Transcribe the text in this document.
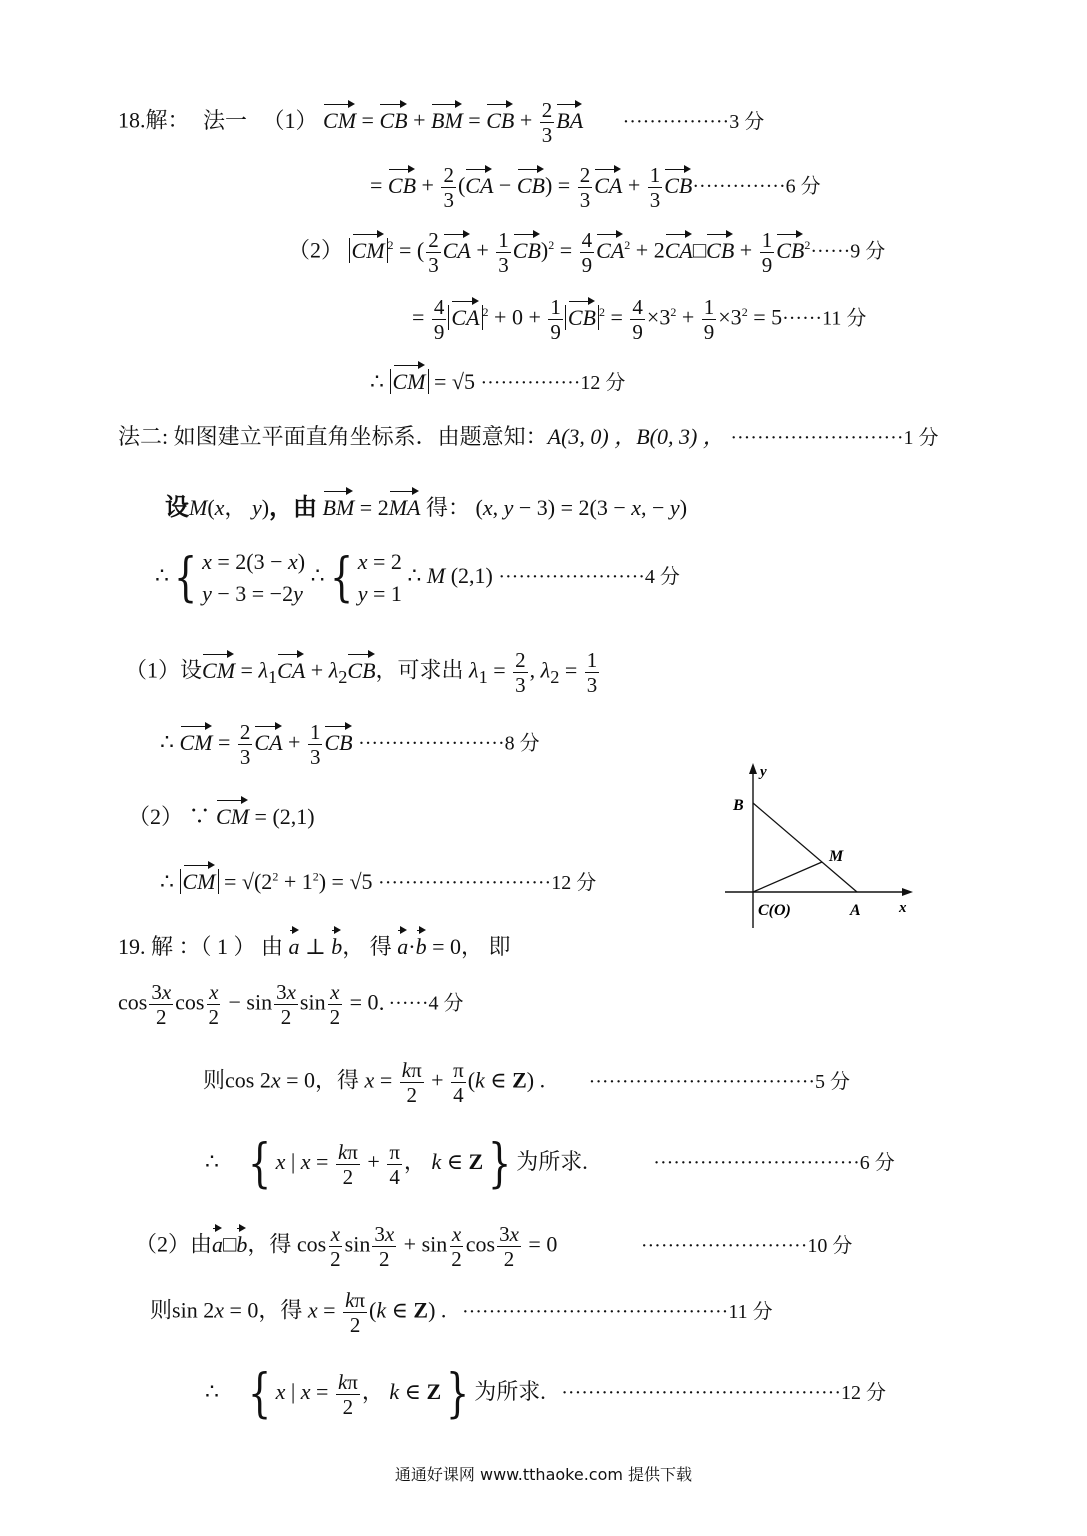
18.解： 法一 （1） CM = CB + BM = CB + $\frac{2}{3}$ BA ················3 分
= CB + $\frac{2}{3} (CA - CB) = \frac{2}{3}$ CA + $\frac{1}{3} CB\cdot\cdot\cdot\cdot\cdot\cdot\cdot\cdot\cdot\cdot\cdot\cdot\cdot\cdot 6$ 分
（2） CM $^2$ = ( $\frac{2}{3}$ CA + $\frac{1}{3} CB)^2 = \frac{4}{9} CA^2$ + 2CA□CB + $\frac{1}{9} CB^2\cdot\cdot\cdot\cdot\cdot\cdot 9$ 分
= $\frac{4}{9}$ CA $^2 + 0 + \frac{1}{9}$ CB $^2 = \frac{4}{9} \times 3^2 + \frac{1}{9} \times 3^2 = 5\cdot\cdot\cdot\cdot\cdot\cdot 11$ 分
∴ CM = √5 ···············12 分
法二: 如图建立平面直角坐标系．由题意知：A(3, 0) ，B(0, 3) ， ··························1 分
设M(x， y)，由 BM = 2MA 得： (x, y − 3) = 2(3 − x, − y)
∴{ x = 2(3 − x)
y − 3 = −2y
∴{ x = 2
y = 1
∴ M (2,1) ······················4 分
（1）设CM = $\lambda_1CA + \lambda_2CB$，可求出 $\lambda_1 = \frac{2}{3}$ , $\lambda_2 = \frac{1}{3}$
∴ CM = $\frac{2}{3}$ CA + $\frac{1}{3}$ CB ······················8 分
（2） ∵ CM = (2,1)
∴ CM = $√(2^2 + 1^2) = √5 \cdot\cdot\cdot\cdot\cdot\cdot\cdot\cdot\cdot\cdot\cdot\cdot\cdot\cdot\cdot\cdot\cdot\cdot\cdot\cdot\cdot\cdot\cdot\cdot\cdot\cdot 12$ 分
y
x
B
M
A
C(O)
19. 解 ：（ 1 ） 由 a ⊥ b， 得 a·b = 0， 即
$\cos \frac{3x}{2}$ $\cos \frac{x}{2} - \sin \frac{3x}{2}$ $\sin \frac{x}{2} = 0$．······4 分
则cos 2x = 0，得 $x = \frac{k\pi}{2} + \frac{\pi}{4} (k$ ∈ Z) . ··································5 分
∴ { x | $x = \frac{k\pi}{2} + \frac{\pi}{4}$ ， k ∈ Z} 为所求.	·······························6 分
（2）由a□b，得 $\cos \frac{x}{2}$ $\sin \frac{3x}{2} + \sin \frac{x}{2}$ $\cos \frac{3x}{2} = 0$	·························10 分
则sin 2x = 0，得 $x = \frac{k\pi}{2} (k$ ∈ Z) . ········································11 分
∴ { x | $x = \frac{k\pi}{2}$ ， k ∈ Z} 为所求. ··········································12 分
通通好课网 www.tthaoke.com 提供下载
